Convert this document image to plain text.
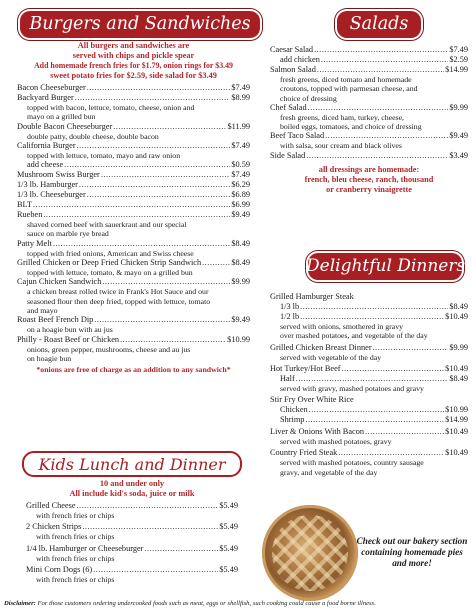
Burgers and Sandwiches
All burgers and sandwiches are
served with chips and pickle spear
Add homemade french fries for $1.79, onion rings for $3.49
sweet potato fries for $2.59, side salad for $3.49
Bacon Cheeseburger .....	$7.49
Backyard Burger .....	$8.99
topped with bacon, lettuce, tomato, cheese, onion and
mayo on a grilled bun
Double Bacon Cheeseburger .....	$11.99
double patty, double cheese, double bacon
California Burger .....	$7.49
topped with lettuce, tomato, mayo and raw onion
add cheese .....	$0.59
Mushroom Swiss Burger .....	$7.49
1/3 lb. Hamburger .....	$6.29
1/3 lb. Cheeseburger .....	$6.89
BLT .....	$6.99
Rueben .....	$9.49
shaved corned beef with sauerkraut and our special
sauce on marble rye bread
Patty Melt .....	$8.49
topped with fried onions, American and Swiss cheese
Grilled Chicken or Deep Fried Chicken Strip Sandwich .....	$8.49
topped with lettuce, tomato, & mayo on a grilled bun
Cajun Chicken Sandwich .....	$9.99
a chicken breast rolled twice in Frank's Hot Sauce and our
seasoned flour then deep fried, topped with lettuce, tomato
and mayo
Roast Beef French Dip .....	$9.49
on a hoagie bun with au jus
Philly - Roast Beef or Chicken .....	$10.99
onions, green pepper, mushrooms, cheese and au jus
on hoagie bun
*onions are free of charge as an addition to any sandwich*
Kids Lunch and Dinner
10 and under only
All include kid's soda, juice or milk
Grilled Cheese .....	$5.49
with french fries or chips
2 Chicken Strips .....	$5.49
with french fries or chips
1/4 lb. Hamburger or Cheeseburger .....	$5.49
with french fries or chips
Mini Corn Dogs (6) .....	$5.49
with french fries or chips
Salads
Caesar Salad .....	$7.49
add chicken .....	$2.59
Salmon Salad .....	$14.99
fresh greens, diced tomato and homemade
croutons, topped with parmesan cheese, and
choice of dressing
Chef Salad .....	$9.99
fresh greens, diced ham, turkey, cheese,
boiled eggs, tomatoes, and choice of dressing
Beef Taco Salad .....	$9.49
with salsa, sour cream and black olives
Side Salad .....	$3.49
all dressings are homemade:
french, bleu cheese, ranch, thousand
or cranberry vinaigrette
Delightful Dinners
Grilled Hamburger Steak
1/3 lb .....	$8.49
1/2 lb .....	$10.49
served with onions, smothered in gravy
over mashed potatoes, and vegetable of the day
Grilled Chicken Breast Dinner .....	$9.99
served with vegetable of the day
Hot Turkey/Hot Beef .....	$10.49
Half .....	$8.49
served with gravy, mashed potatoes and gravy
Stir Fry Over White Rice
Chicken .....	$10.99
Shrimp .....	$14.99
Liver & Onions With Bacon .....	$10.49
served with mashed potatoes, gravy
Country Fried Steak .....	$10.49
served with mashed potatoes, country sausage
gravy, and vegetable of the day
Check out our bakery section containing homemade pies and more!
Disclaimer: For those customers ordering undercooked foods such as meat, eggs or shellfish, such cooking could cause a food borne illness.
